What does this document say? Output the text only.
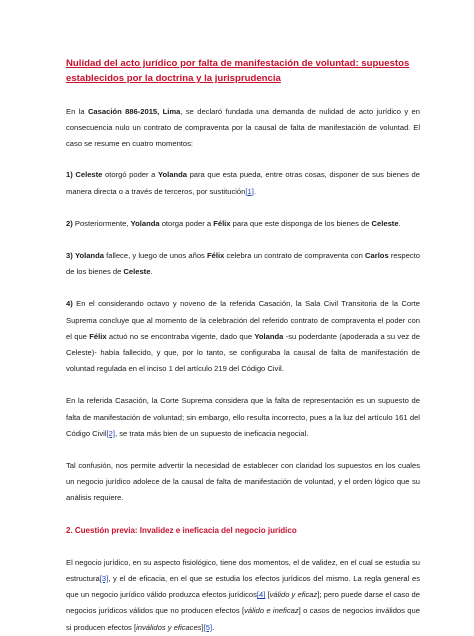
Nulidad del acto jurídico por falta de manifestación de voluntad: supuestos establecidos por la doctrina y la jurisprudencia

En la Casación 886-2015, Lima, se declaró fundada una demanda de nulidad de acto jurídico y en consecuencia nulo un contrato de compraventa por la causal de falta de manifestación de voluntad. El caso se resume en cuatro momentos:

1) Celeste otorgó poder a Yolanda para que esta pueda, entre otras cosas, disponer de sus bienes de manera directa o a través de terceros, por sustitución[1].

2) Posteriormente, Yolanda otorga poder a Félix para que este disponga de los bienes de Celeste.

3) Yolanda fallece, y luego de unos años Félix celebra un contrato de compraventa con Carlos respecto de los bienes de Celeste.

4) En el considerando octavo y noveno de la referida Casación, la Sala Civil Transitoria de la Corte Suprema concluye que al momento de la celebración del referido contrato de compraventa el poder con el que Félix actuó no se encontraba vigente, dado que Yolanda -su poderdante (apoderada a su vez de Celeste)- había fallecido, y que, por lo tanto, se configuraba la causal de falta de manifestación de voluntad regulada en el inciso 1 del artículo 219 del Código Civil.

En la referida Casación, la Corte Suprema considera que la falta de representación es un supuesto de falta de manifestación de voluntad; sin embargo, ello resulta incorrecto, pues a la luz del artículo 161 del Código Civil[2], se trata más bien de un supuesto de ineficacia negocial.

Tal confusión, nos permite advertir la necesidad de establecer con claridad los supuestos en los cuales un negocio jurídico adolece de la causal de falta de manifestación de voluntad, y el orden lógico que su análisis requiere.

2. Cuestión previa: Invalidez e ineficacia del negocio jurídico

El negocio jurídico, en su aspecto fisiológico, tiene dos momentos, el de validez, en el cual se estudia su estructura[3], y el de eficacia, en el que se estudia los efectos jurídicos del mismo. La regla general es que un negocio jurídico válido produzca efectos jurídicos[4] [válido y eficaz]; pero puede darse el caso de negocios jurídicos válidos que no producen efectos [válido e ineficaz] o casos de negocios inválidos que si producen efectos [inválidos y eficaces][5].
